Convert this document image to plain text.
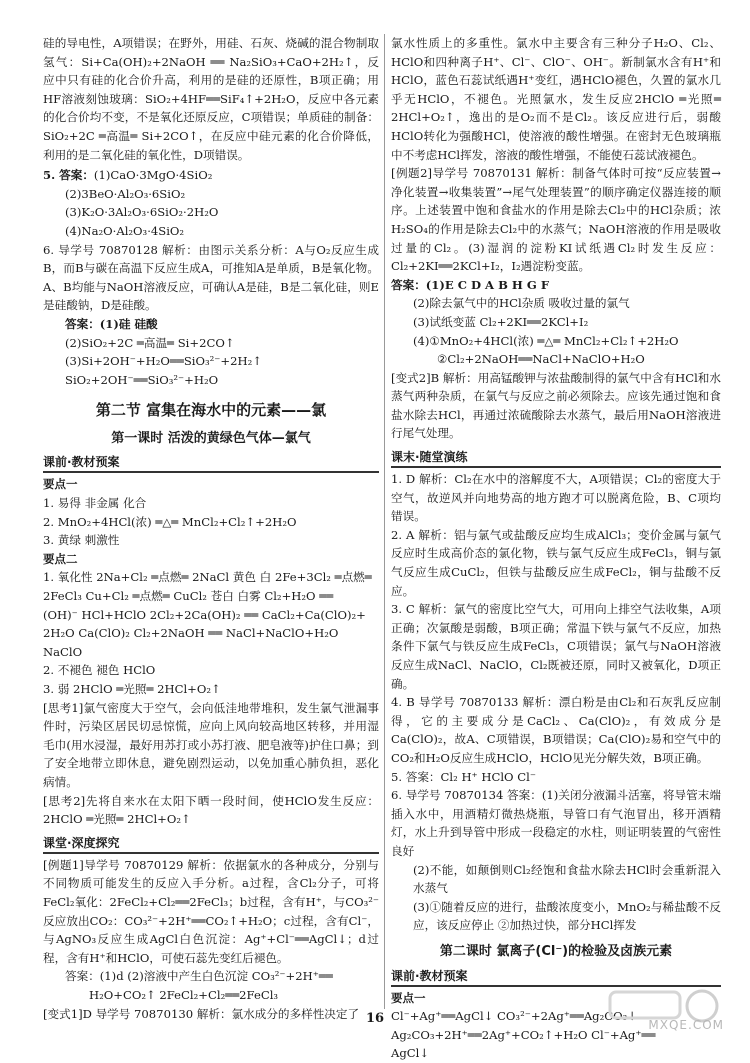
硅的导电性，A项错误；在野外，用硅、石灰、烧碱的混合物制取氢气：Si+Ca(OH)₂+2NaOH ══ Na₂SiO₃+CaO+2H₂↑，反应中只有硅的化合价升高，利用的是硅的还原性，B项正确；用HF溶液刻蚀玻璃：SiO₂+4HF══SiF₄↑+2H₂O，反应中各元素的化合价均不变，不是氧化还原反应，C项错误；单质硅的制备：SiO₂+2C ═高温═ Si+2CO↑，在反应中硅元素的化合价降低，利用的是二氧化硅的氧化性，D项错误。

5. 答案：(1)CaO·3MgO·4SiO₂

(2)3BeO·Al₂O₃·6SiO₂

(3)K₂O·3Al₂O₃·6SiO₂·2H₂O

(4)Na₂O·Al₂O₃·4SiO₂

6. 导学号 70870128 解析：由图示关系分析：A与O₂反应生成B，而B与碳在高温下反应生成A，可推知A是单质，B是氧化物。A、B均能与NaOH溶液反应，可确认A是硅，B是二氧化硅，则E是硅酸钠，D是硅酸。

答案：(1)硅 硅酸

(2)SiO₂+2C ═高温═ Si+2CO↑

(3)Si+2OH⁻+H₂O══SiO₃²⁻+2H₂↑

SiO₂+2OH⁻══SiO₃²⁻+H₂O

第二节 富集在海水中的元素——氯
第一课时 活泼的黄绿色气体—氯气
课前·教材预案

要点一

1. 易得 非金属 化合

2. MnO₂+4HCl(浓) ═△═ MnCl₂+Cl₂↑+2H₂O

3. 黄绿 刺激性

要点二

1. 氧化性 2Na+Cl₂ ═点燃═ 2NaCl 黄色 白 2Fe+3Cl₂ ═点燃═

2FeCl₃ Cu+Cl₂ ═点燃═ CuCl₂ 苍白 白雾 Cl₂+H₂O ══

(OH)⁻ HCl+HClO 2Cl₂+2Ca(OH)₂ ══ CaCl₂+Ca(ClO)₂+

2H₂O Ca(ClO)₂ Cl₂+2NaOH ══ NaCl+NaClO+H₂O

NaClO

2. 不褪色 褪色 HClO

3. 弱 2HClO ═光照═ 2HCl+O₂↑

[思考1]氯气密度大于空气，会向低洼地带堆积，发生氯气泄漏事件时，污染区居民切忌惊慌，应向上风向较高地区转移，并用湿毛巾(用水浸湿，最好用苏打或小苏打液、肥皂液等)护住口鼻；到了安全地带立即休息，避免剧烈运动，以免加重心肺负担，恶化病情。

[思考2]先将自来水在太阳下晒一段时间，使HClO发生反应：2HClO ═光照═ 2HCl+O₂↑

课堂·深度探究

[例题1]导学号 70870129 解析：依据氯水的各种成分，分别与不同物质可能发生的反应入手分析。a过程，含Cl₂分子，可将FeCl₂氧化：2FeCl₂+Cl₂══2FeCl₃；b过程，含有H⁺，与CO₃²⁻反应放出CO₂：CO₃²⁻+2H⁺══CO₂↑+H₂O；c过程，含有Cl⁻，与AgNO₃反应生成AgCl白色沉淀：Ag⁺+Cl⁻══AgCl↓；d过程，含有H⁺和HClO，可使石蕊先变红后褪色。

答案：(1)d (2)溶液中产生白色沉淀 CO₃²⁻+2H⁺══

H₂O+CO₂↑ 2FeCl₂+Cl₂══2FeCl₃

[变式1]D 导学号 70870130 解析：氯水成分的多样性决定了

氯水性质上的多重性。氯水中主要含有三种分子H₂O、Cl₂、HClO和四种离子H⁺、Cl⁻、ClO⁻、OH⁻。新制氯水含有H⁺和HClO，蓝色石蕊试纸遇H⁺变红，遇HClO褪色，久置的氯水几乎无HClO，不褪色。光照氯水，发生反应2HClO ═光照═ 2HCl+O₂↑，逸出的是O₂而不是Cl₂。该反应进行后，弱酸HClO转化为强酸HCl，使溶液的酸性增强。在密封无色玻璃瓶中不考虑HCl挥发，溶液的酸性增强，不能使石蕊试液褪色。

[例题2]导学号 70870131 解析：制备气体时可按“反应装置→净化装置→收集装置”→尾气处理装置”的顺序确定仪器连接的顺序。上述装置中饱和食盐水的作用是除去Cl₂中的HCl杂质；浓H₂SO₄的作用是除去Cl₂中的水蒸气；NaOH溶液的作用是吸收过量的Cl₂。(3)湿润的淀粉KI试纸遇Cl₂时发生反应：Cl₂+2KI══2KCl+I₂，I₂遇淀粉变蓝。

答案：(1)E C D A B H G F

(2)除去氯气中的HCl杂质 吸收过量的氯气

(3)试纸变蓝 Cl₂+2KI══2KCl+I₂

(4)①MnO₂+4HCl(浓) ═△═ MnCl₂+Cl₂↑+2H₂O

②Cl₂+2NaOH══NaCl+NaClO+H₂O

[变式2]B 解析：用高锰酸钾与浓盐酸制得的氯气中含有HCl和水蒸气两种杂质，在氯气与反应之前必须除去。应该先通过饱和食盐水除去HCl，再通过浓硫酸除去水蒸气，最后用NaOH溶液进行尾气处理。

课末·随堂演练

1. D 解析：Cl₂在水中的溶解度不大，A项错误；Cl₂的密度大于空气，故逆风并向地势高的地方跑才可以脱离危险，B、C项均错误。

2. A 解析：铝与氯气或盐酸反应均生成AlCl₃；变价金属与氯气反应时生成高价态的氯化物，铁与氯气反应生成FeCl₃，铜与氯气反应生成CuCl₂，但铁与盐酸反应生成FeCl₂，铜与盐酸不反应。

3. C 解析：氯气的密度比空气大，可用向上排空气法收集，A项正确；次氯酸是弱酸，B项正确；常温下铁与氯气不反应，加热条件下氯气与铁反应生成FeCl₃，C项错误；氯气与NaOH溶液反应生成NaCl、NaClO，Cl₂既被还原，同时又被氧化，D项正确。

4. B 导学号 70870133 解析：漂白粉是由Cl₂和石灰乳反应制得，它的主要成分是CaCl₂、Ca(ClO)₂，有效成分是Ca(ClO)₂，故A、C项错误，B项错误；Ca(ClO)₂易和空气中的CO₂和H₂O反应生成HClO，HClO见光分解失效，B项正确。

5. 答案：Cl₂ H⁺ HClO Cl⁻

6. 导学号 70870134 答案：(1)关闭分液漏斗活塞，将导管末端插入水中，用酒精灯微热烧瓶，导管口有气泡冒出，移开酒精灯，水上升到导管中形成一段稳定的水柱，则证明装置的气密性良好

(2)不能，如颠倒则Cl₂经饱和食盐水除去HCl时会重新混入水蒸气

(3)①随着反应的进行，盐酸浓度变小，MnO₂与稀盐酸不反应，该反应停止 ②加热过快，部分HCl挥发

第二课时 氯离子(Cl⁻)的检验及卤族元素
课前·教材预案

要点一

Cl⁻+Ag⁺══AgCl↓ CO₃²⁻+2Ag⁺══Ag₂CO₃↓

Ag₂CO₃+2H⁺══2Ag⁺+CO₂↑+H₂O Cl⁻+Ag⁺══

AgCl↓

16	MXQE.COM
